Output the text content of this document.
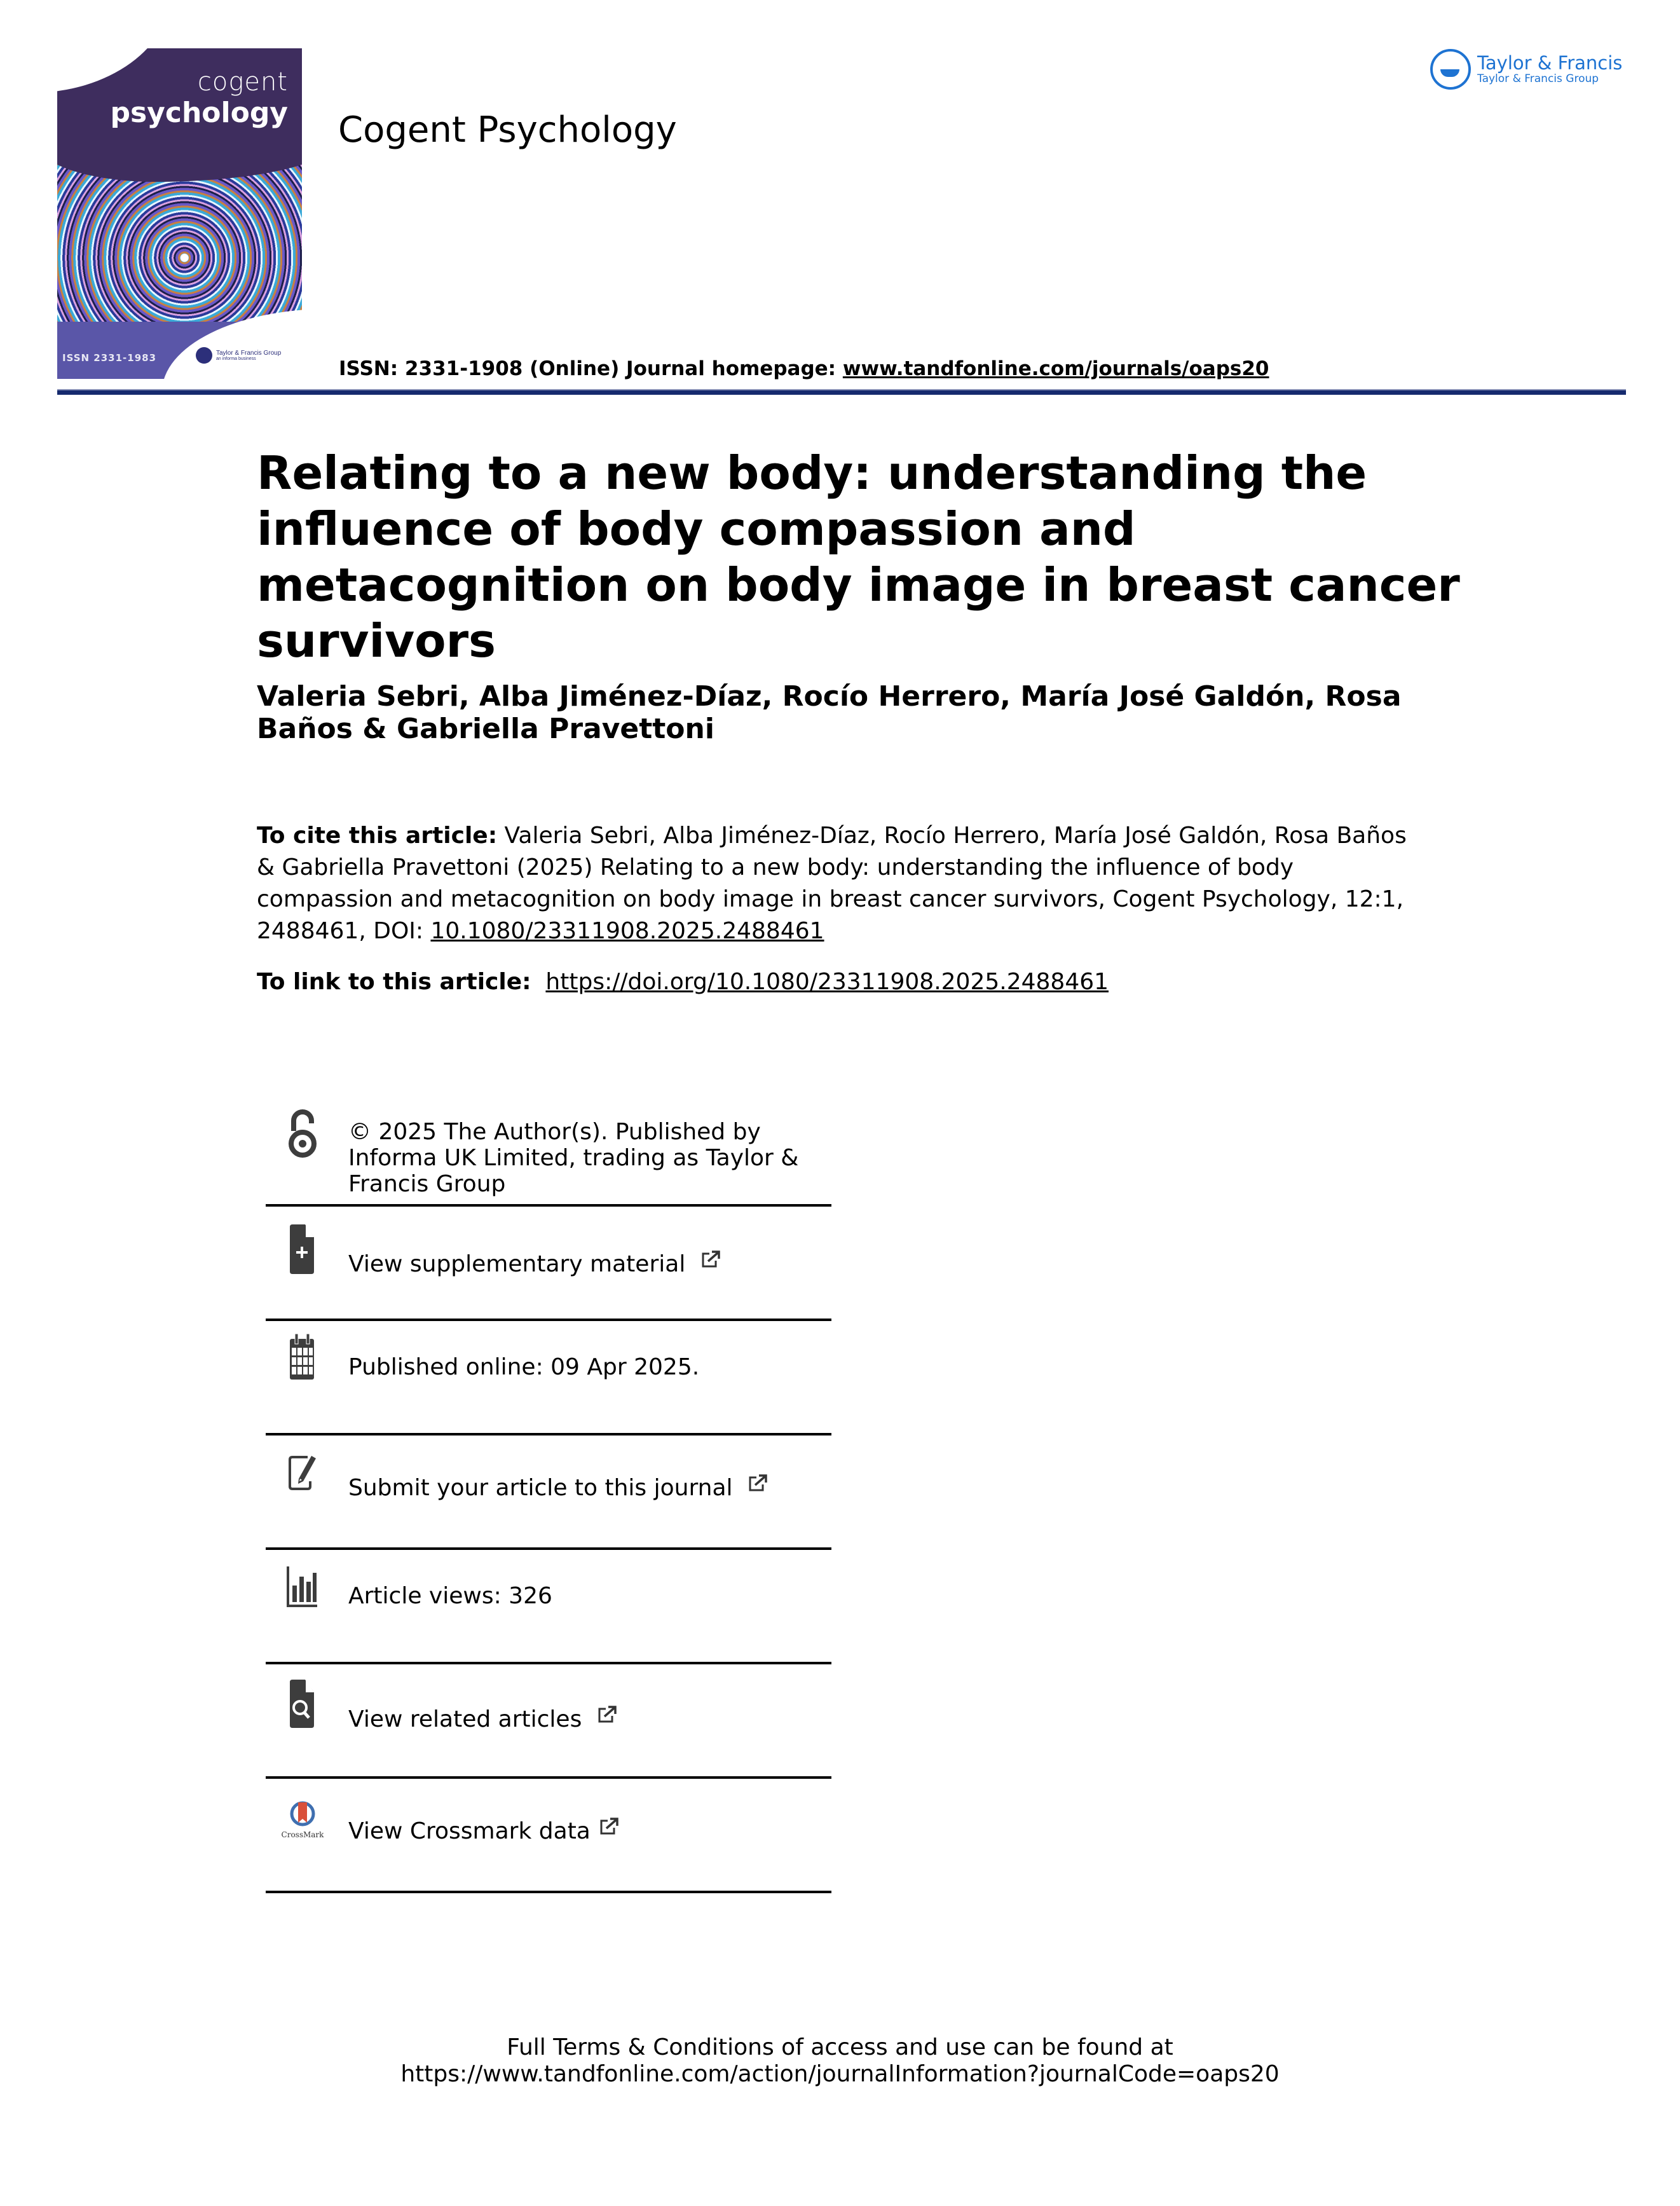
cogent
psychology
ISSN 2331-1983	Taylor & Francis Group
an informa business
Cogent Psychology
Taylor & Francis
Taylor & Francis Group
ISSN: 2331-1908 (Online) Journal homepage: www.tandfonline.com/journals/oaps20
Relating to a new body: understanding the influence of body compassion and metacognition on body image in breast cancer survivors
Valeria Sebri, Alba Jiménez-Díaz, Rocío Herrero, María José Galdón, Rosa Baños & Gabriella Pravettoni
To cite this article: Valeria Sebri, Alba Jiménez-Díaz, Rocío Herrero, María José Galdón, Rosa Baños & Gabriella Pravettoni (2025) Relating to a new body: understanding the influence of body compassion and metacognition on body image in breast cancer survivors, Cogent Psychology, 12:1, 2488461, DOI: 10.1080/23311908.2025.2488461
To link to this article: https://doi.org/10.1080/23311908.2025.2488461
© 2025 The Author(s). Published by Informa UK Limited, trading as Taylor & Francis Group
View supplementary material
Published online: 09 Apr 2025.
Submit your article to this journal
Article views: 326
View related articles
CrossMark View Crossmark data
Full Terms & Conditions of access and use can be found at
https://www.tandfonline.com/action/journalInformation?journalCode=oaps20
